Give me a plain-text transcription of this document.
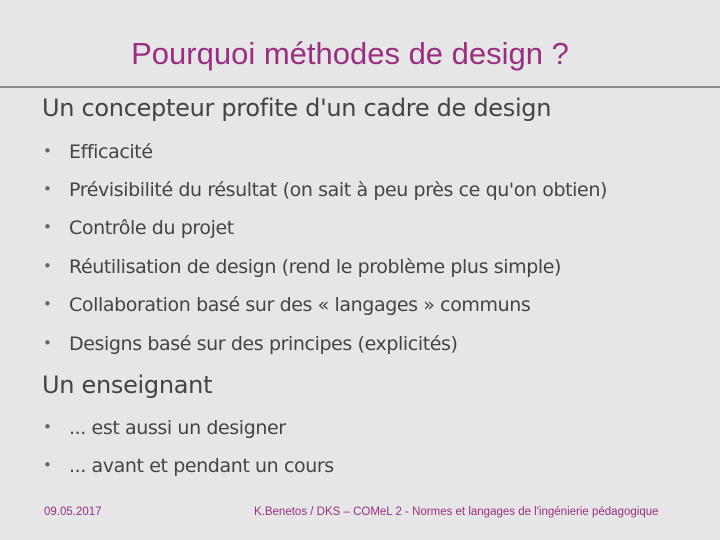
Pourquoi méthodes de design ?
Un concepteur profite d'un cadre de design
• Efficacité
• Prévisibilité du résultat (on sait à peu près ce qu'on obtien)
• Contrôle du projet
• Réutilisation de design (rend le problème plus simple)
• Collaboration basé sur des « langages » communs
• Designs basé sur des principes (explicités)
Un enseignant
• ... est aussi un designer
• ... avant et pendant un cours
09.05.2017	K.Benetos / DKS – COMeL 2 - Normes et langages de l'ingénierie pédagogique
